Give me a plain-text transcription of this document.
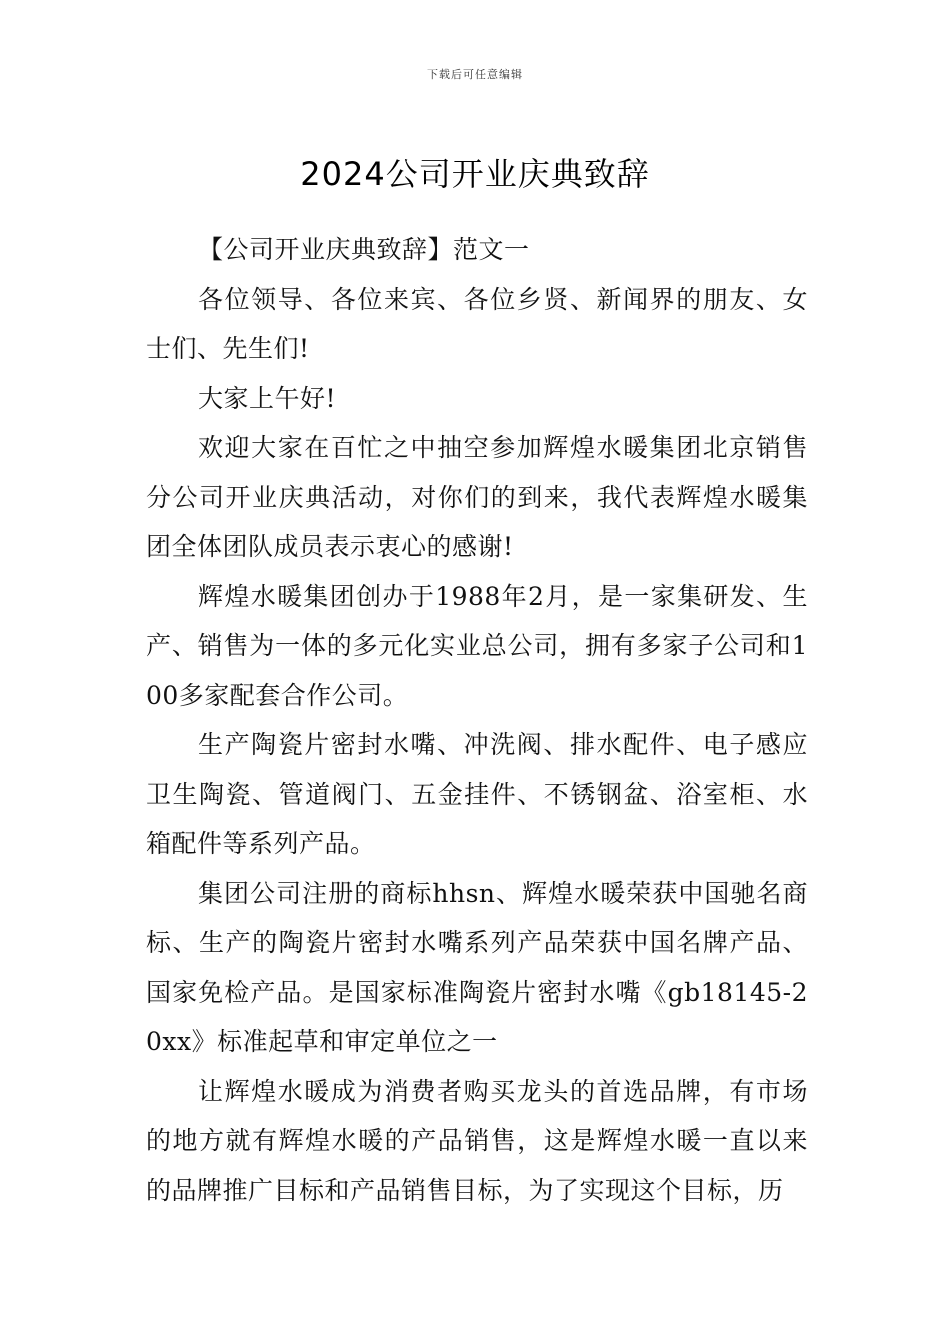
下载后可任意编辑
2024公司开业庆典致辞

【公司开业庆典致辞】范文一

各位领导、各位来宾、各位乡贤、新闻界的朋友、女士们、先生们!

大家上午好!

欢迎大家在百忙之中抽空参加辉煌水暖集团北京销售分公司开业庆典活动，对你们的到来，我代表辉煌水暖集团全体团队成员表示衷心的感谢!

辉煌水暖集团创办于1988年2月，是一家集研发、生产、销售为一体的多元化实业总公司，拥有多家子公司和100多家配套合作公司。

生产陶瓷片密封水嘴、冲洗阀、排水配件、电子感应卫生陶瓷、管道阀门、五金挂件、不锈钢盆、浴室柜、水箱配件等系列产品。

集团公司注册的商标hhsn、辉煌水暖荣获中国驰名商标、生产的陶瓷片密封水嘴系列产品荣获中国名牌产品、国家免检产品。是国家标准陶瓷片密封水嘴《gb18145-20xx》标准起草和审定单位之一

让辉煌水暖成为消费者购买龙头的首选品牌，有市场的地方就有辉煌水暖的产品销售，这是辉煌水暖一直以来的品牌推广目标和产品销售目标，为了实现这个目标，历
